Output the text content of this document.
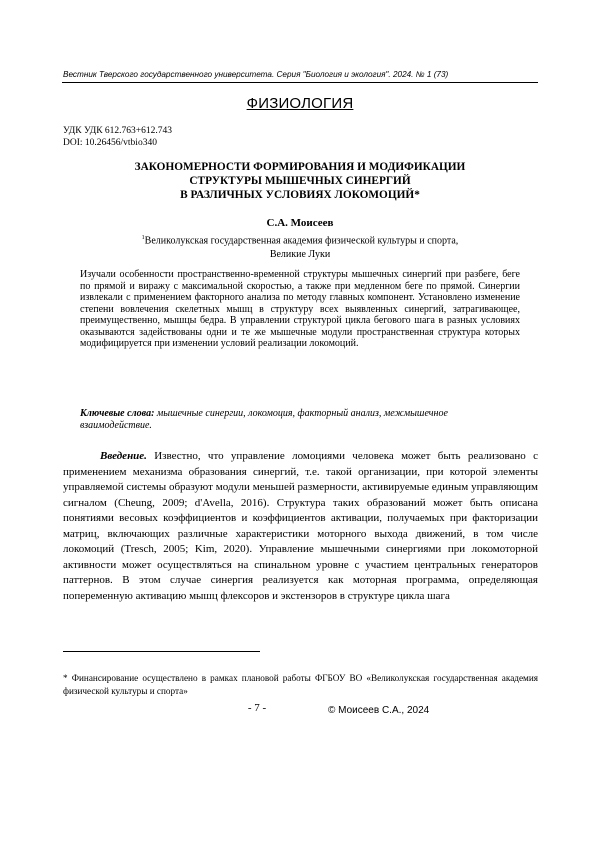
Вестник Тверского государственного университета. Серия "Биология и экология". 2024. № 1 (73)
ФИЗИОЛОГИЯ
УДК УДК 612.763+612.743
DOI: 10.26456/vtbio340
ЗАКОНОМЕРНОСТИ ФОРМИРОВАНИЯ И МОДИФИКАЦИИ
СТРУКТУРЫ МЫШЕЧНЫХ СИНЕРГИЙ
В РАЗЛИЧНЫХ УСЛОВИЯХ ЛОКОМОЦИЙ*
С.А. Моисеев
$^1$Великолукская государственная академия физической культуры и спорта,
Великие Луки

Изучали особенности пространственно-временной структуры мышечных синергий при разбеге, беге по прямой и виражу с максимальной скоростью, а также при медленном беге по прямой. Синергии извлекали с применением факторного анализа по методу главных компонент. Установлено изменение степени вовлечения скелетных мышц в структуру всех выявленных синергий, затрагивающее, преимущественно, мышцы бедра. В управлении структурой цикла бегового шага в разных условиях оказываются задействованы одни и те же мышечные модули пространственная структура которых модифицируется при изменении условий реализации локомоций.

Ключевые слова: мышечные синергии, локомоция, факторный анализ, межмышечное взаимодействие.

Введение. Известно, что управление ломоциями человека может быть реализовано с применением механизма образования синергий, т.е. такой организации, при которой элементы управляемой системы образуют модули меньшей размерности, активируемые единым управляющим сигналом (Cheung, 2009; d'Avella, 2016). Структура таких образований может быть описана понятиями весовых коэффициентов и коэффициентов активации, получаемых при факторизации матриц, включающих различные характеристики моторного выхода движений, в том числе локомоций (Tresch, 2005; Kim, 2020). Управление мышечными синергиями при локомоторной активности может осуществляться на спинальном уровне с участием центральных генераторов паттернов. В этом случае синергия реализуется как моторная программа, определяющая попеременную активацию мышц флексоров и экстензоров в структуре цикла шага

* Финансирование осуществлено в рамках плановой работы ФГБОУ ВО «Великолукская государственная академия физической культуры и спорта»
- 7 -	© Моисеев С.А., 2024
